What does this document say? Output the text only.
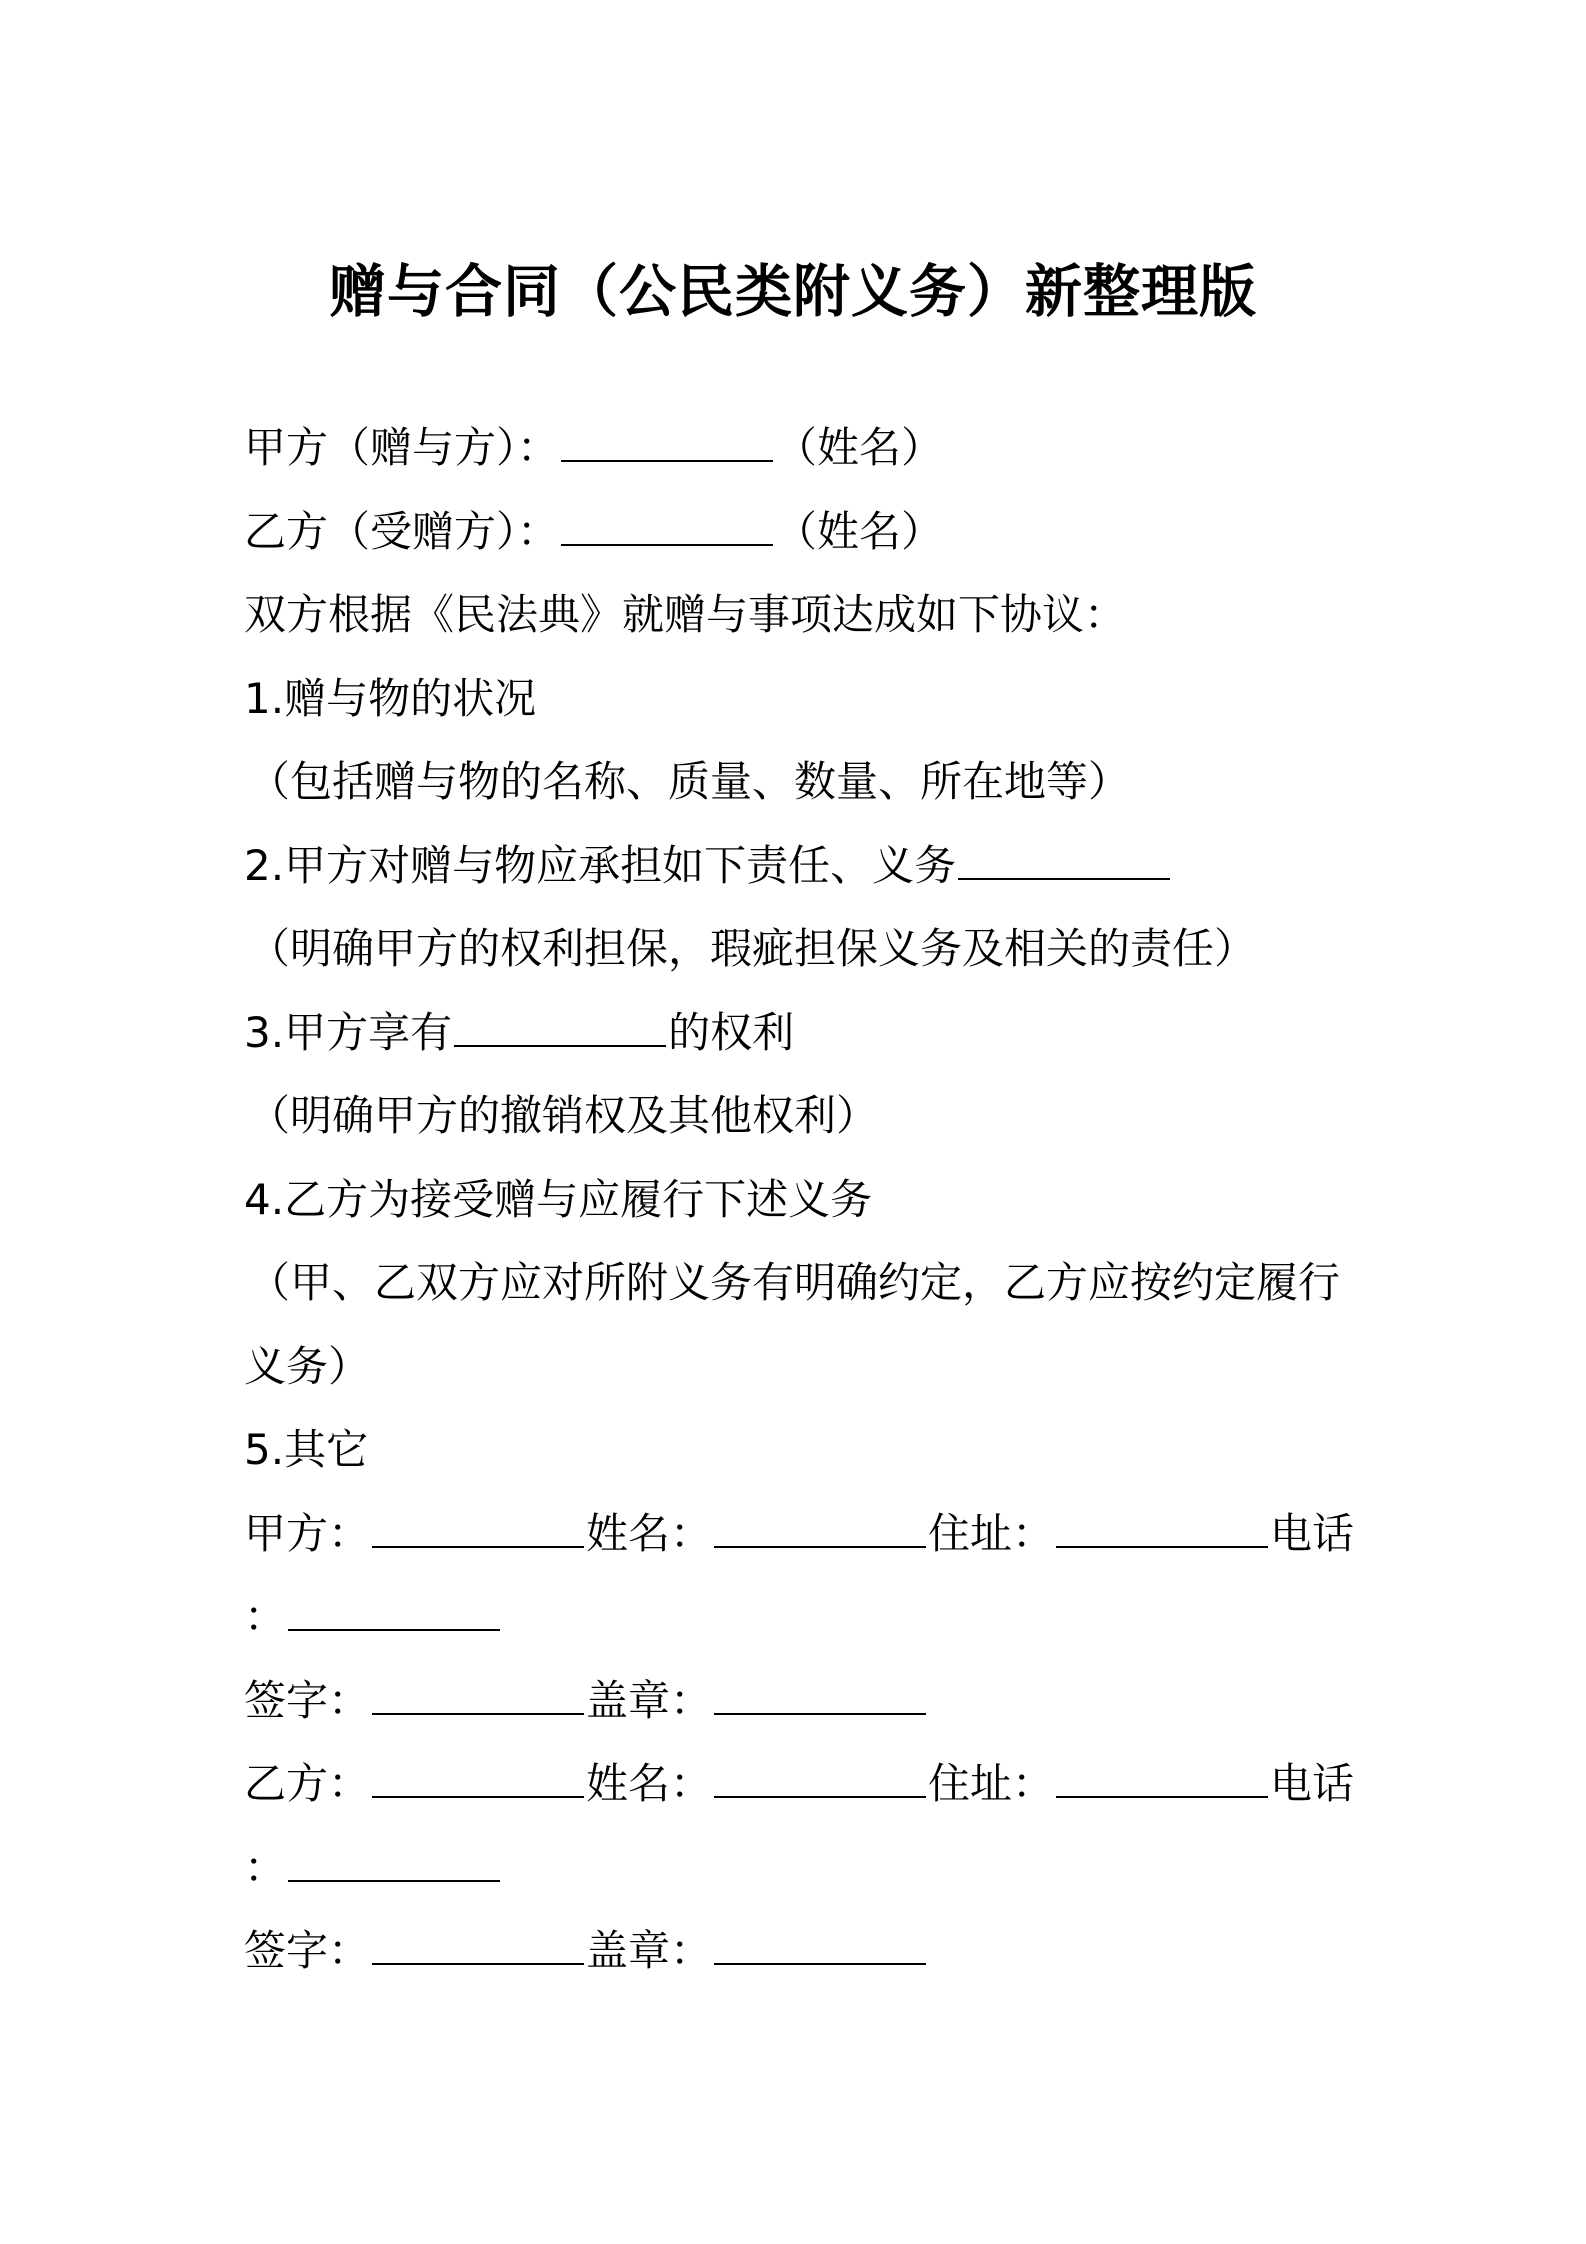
赠与合同（公民类附义务）新整理版
甲方（赠与方）：	（姓名）
乙方（受赠方）：	（姓名）
双方根据《民法典》就赠与事项达成如下协议：
1.赠与物的状况
（包括赠与物的名称、质量、数量、所在地等）
2.甲方对赠与物应承担如下责任、义务
（明确甲方的权利担保，瑕疵担保义务及相关的责任）
3.甲方享有	的权利
（明确甲方的撤销权及其他权利）
4.乙方为接受赠与应履行下述义务
（甲、乙双方应对所附义务有明确约定，乙方应按约定履行
义务）
5.其它
甲方：	姓名：	住址：	电话
：
签字：	盖章：
乙方：	姓名：	住址：	电话
：
签字：	盖章：
